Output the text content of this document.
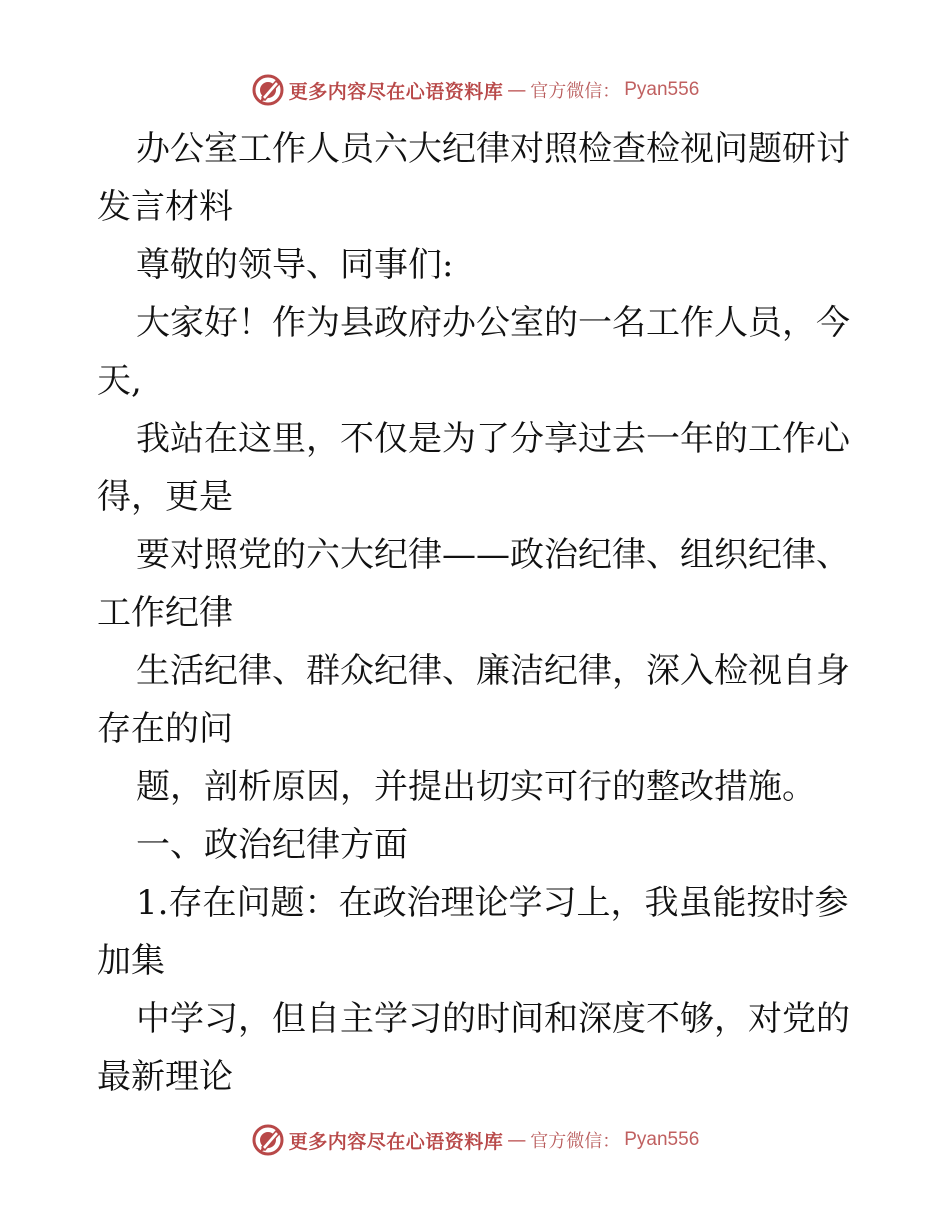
更多内容尽在心语资料库 — 官方微信： Pyan556
办公室工作人员六大纪律对照检查检视问题研讨
发言材料
尊敬的领导、同事们:
大家好！作为县政府办公室的一名工作人员，今
天,
我站在这里，不仅是为了分享过去一年的工作心
得，更是
要对照党的六大纪律——政治纪律、组织纪律、
工作纪律
生活纪律、群众纪律、廉洁纪律，深入检视自身
存在的问
题，剖析原因，并提出切实可行的整改措施。
一、政治纪律方面
1.存在问题：在政治理论学习上，我虽能按时参
加集
中学习，但自主学习的时间和深度不够，对党的
最新理论
更多内容尽在心语资料库 — 官方微信： Pyan556
